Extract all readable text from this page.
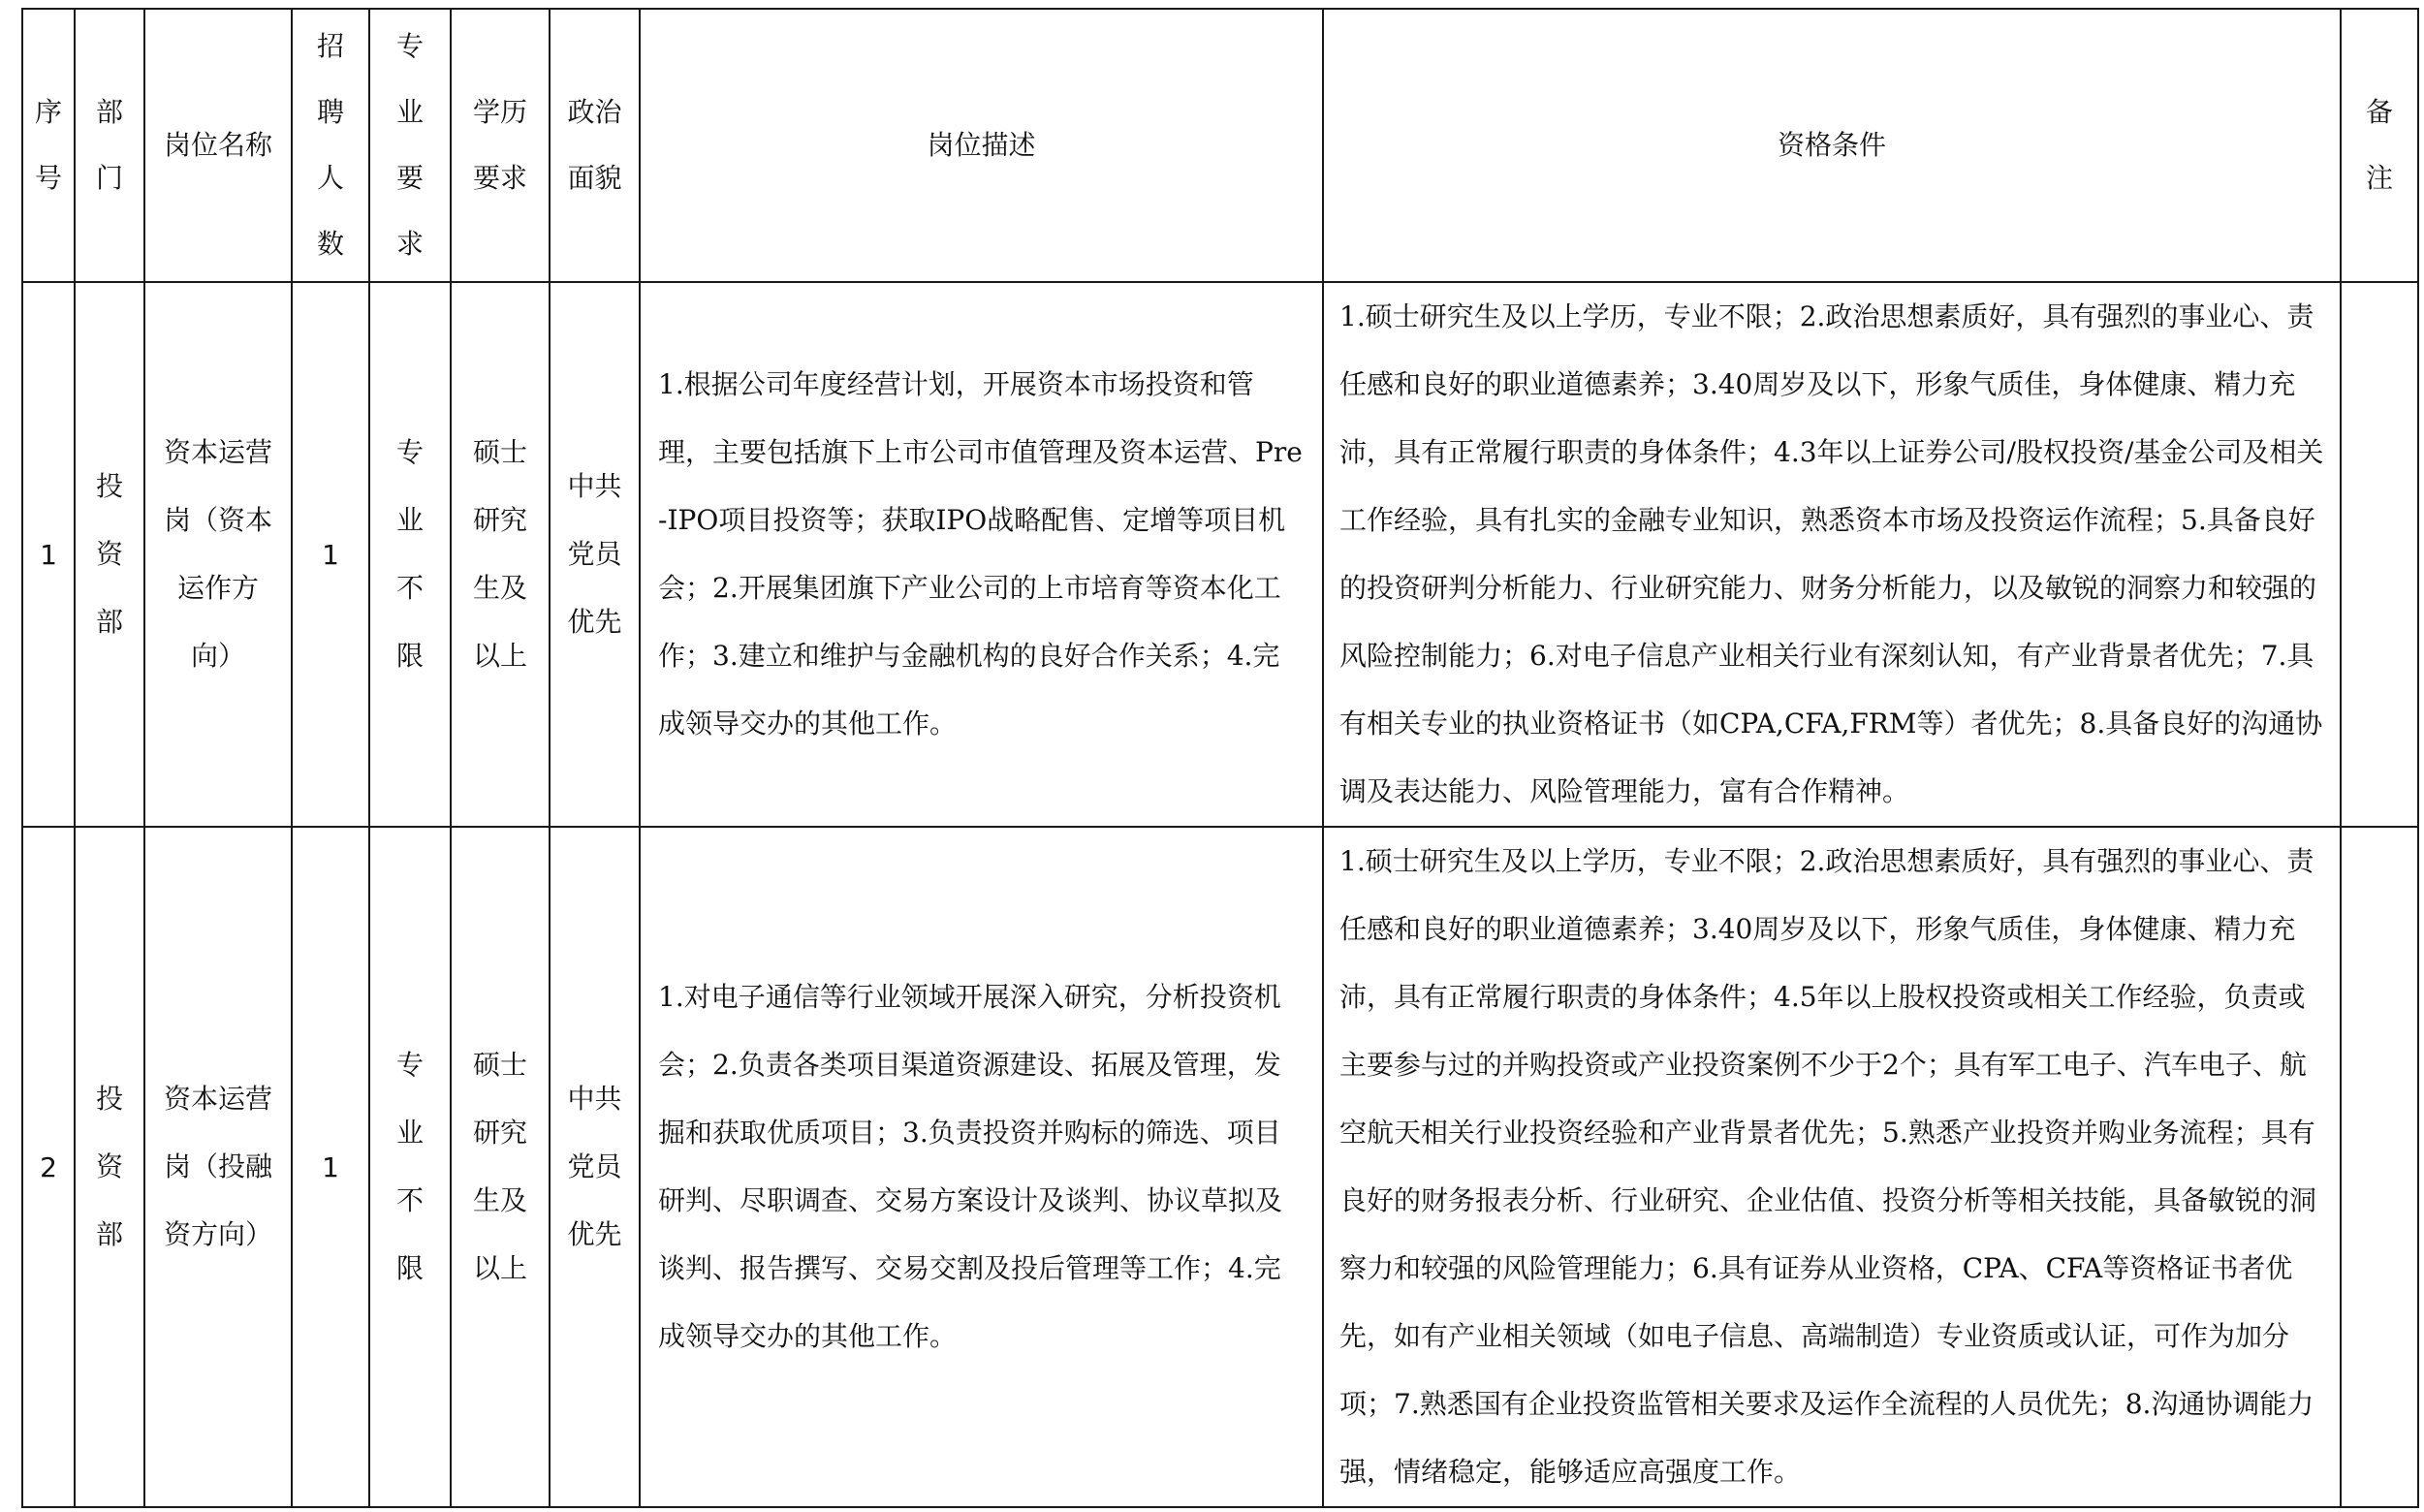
序号	部门	岗位名称	招聘人数	专业要求	学历要求	政治面貌	岗位描述	资格条件	备注

1	投资部	资本运营岗（资本运作方向）	1	专业不限	硕士研究生及以上	中共党员优先	1.根据公司年度经营计划，开展资本市场投资和管理，主要包括旗下上市公司市值管理及资本运营、Pre-IPO项目投资等；获取IPO战略配售、定增等项目机会；2.开展集团旗下产业公司的上市培育等资本化工作；3.建立和维护与金融机构的良好合作关系；4.完成领导交办的其他工作。	1.硕士研究生及以上学历，专业不限；2.政治思想素质好，具有强烈的事业心、责任感和良好的职业道德素养；3.40周岁及以下，形象气质佳，身体健康、精力充沛，具有正常履行职责的身体条件；4.3年以上证券公司/股权投资/基金公司及相关工作经验，具有扎实的金融专业知识，熟悉资本市场及投资运作流程；5.具备良好的投资研判分析能力、行业研究能力、财务分析能力，以及敏锐的洞察力和较强的风险控制能力；6.对电子信息产业相关行业有深刻认知，有产业背景者优先；7.具有相关专业的执业资格证书（如CPA,CFA,FRM等）者优先；8.具备良好的沟通协调及表达能力、风险管理能力，富有合作精神。	

2	投资部	资本运营岗（投融资方向）	1	专业不限	硕士研究生及以上	中共党员优先	1.对电子通信等行业领域开展深入研究，分析投资机会；2.负责各类项目渠道资源建设、拓展及管理，发掘和获取优质项目；3.负责投资并购标的筛选、项目研判、尽职调查、交易方案设计及谈判、协议草拟及谈判、报告撰写、交易交割及投后管理等工作；4.完成领导交办的其他工作。	1.硕士研究生及以上学历，专业不限；2.政治思想素质好，具有强烈的事业心、责任感和良好的职业道德素养；3.40周岁及以下，形象气质佳，身体健康、精力充沛，具有正常履行职责的身体条件；4.5年以上股权投资或相关工作经验，负责或主要参与过的并购投资或产业投资案例不少于2个；具有军工电子、汽车电子、航空航天相关行业投资经验和产业背景者优先；5.熟悉产业投资并购业务流程；具有良好的财务报表分析、行业研究、企业估值、投资分析等相关技能，具备敏锐的洞察力和较强的风险管理能力；6.具有证券从业资格，CPA、CFA等资格证书者优先，如有产业相关领域（如电子信息、高端制造）专业资质或认证，可作为加分项；7.熟悉国有企业投资监管相关要求及运作全流程的人员优先；8.沟通协调能力强，情绪稳定，能够适应高强度工作。	
